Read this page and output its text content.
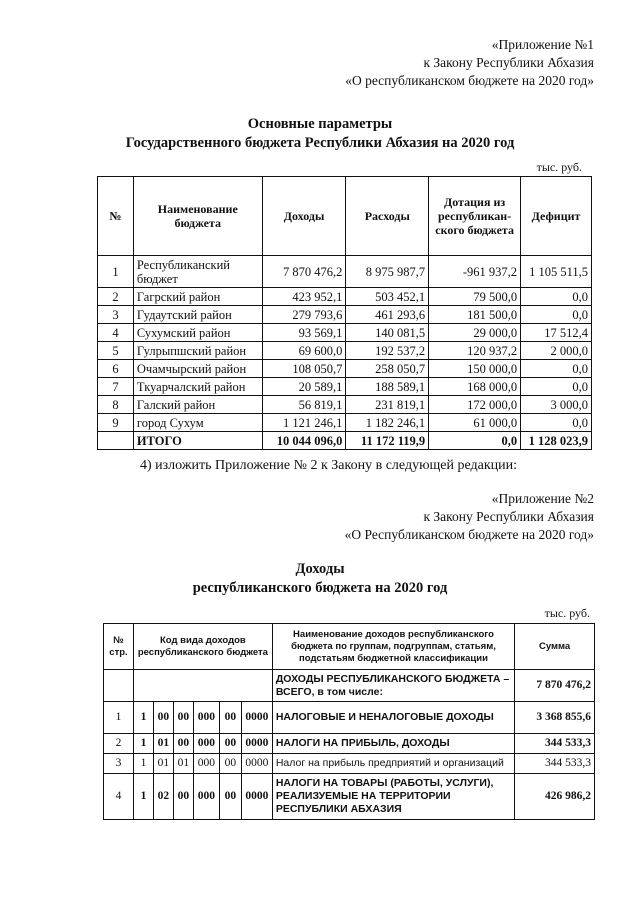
«Приложение №1
к Закону Республики Абхазия
«О республиканском бюджете на 2020 год»
Основные параметры
Государственного бюджета Республики Абхазия на 2020 год
тыс. руб.
№	Наименование бюджета	Доходы	Расходы	Дотация из республикан-ского бюджета	Дефицит
1	Республиканский бюджет	7 870 476,2	8 975 987,7	-961 937,2	1 105 511,5
2	Гагрский район	423 952,1	503 452,1	79 500,0	0,0
3	Гудаутский район	279 793,6	461 293,6	181 500,0	0,0
4	Сухумский район	93 569,1	140 081,5	29 000,0	17 512,4
5	Гулрыпшский район	69 600,0	192 537,2	120 937,2	2 000,0
6	Очамчырский район	108 050,7	258 050,7	150 000,0	0,0
7	Ткуарчалский район	20 589,1	188 589,1	168 000,0	0,0
8	Галский район	56 819,1	231 819,1	172 000,0	3 000,0
9	город Сухум	1 121 246,1	1 182 246,1	61 000,0	0,0
	ИТОГО	10 044 096,0	11 172 119,9	0,0	1 128 023,9
4) изложить Приложение № 2 к Закону в следующей редакции:
«Приложение №2
к Закону Республики Абхазия
«О Республиканском бюджете на 2020 год»
Доходы
республиканского бюджета на 2020 год
тыс. руб.
№ стр.	Код вида доходов республиканского бюджета						Наименование доходов республиканского бюджета по группам, подгруппам, статьям, подстатьям бюджетной классификации	Сумма
							ДОХОДЫ РЕСПУБЛИКАНСКОГО БЮДЖЕТА – ВСЕГО, в том числе:	7 870 476,2
1	1	00	00	000	00	0000	НАЛОГОВЫЕ И НЕНАЛОГОВЫЕ ДОХОДЫ	3 368 855,6
2	1	01	00	000	00	0000	НАЛОГИ НА ПРИБЫЛЬ, ДОХОДЫ	344 533,3
3	1	01	01	000	00	0000	Налог на прибыль предприятий и организаций	344 533,3
4	1	02	00	000	00	0000	НАЛОГИ НА ТОВАРЫ (РАБОТЫ, УСЛУГИ), РЕАЛИЗУЕМЫЕ НА ТЕРРИТОРИИ РЕСПУБЛИКИ АБХАЗИЯ	426 986,2
